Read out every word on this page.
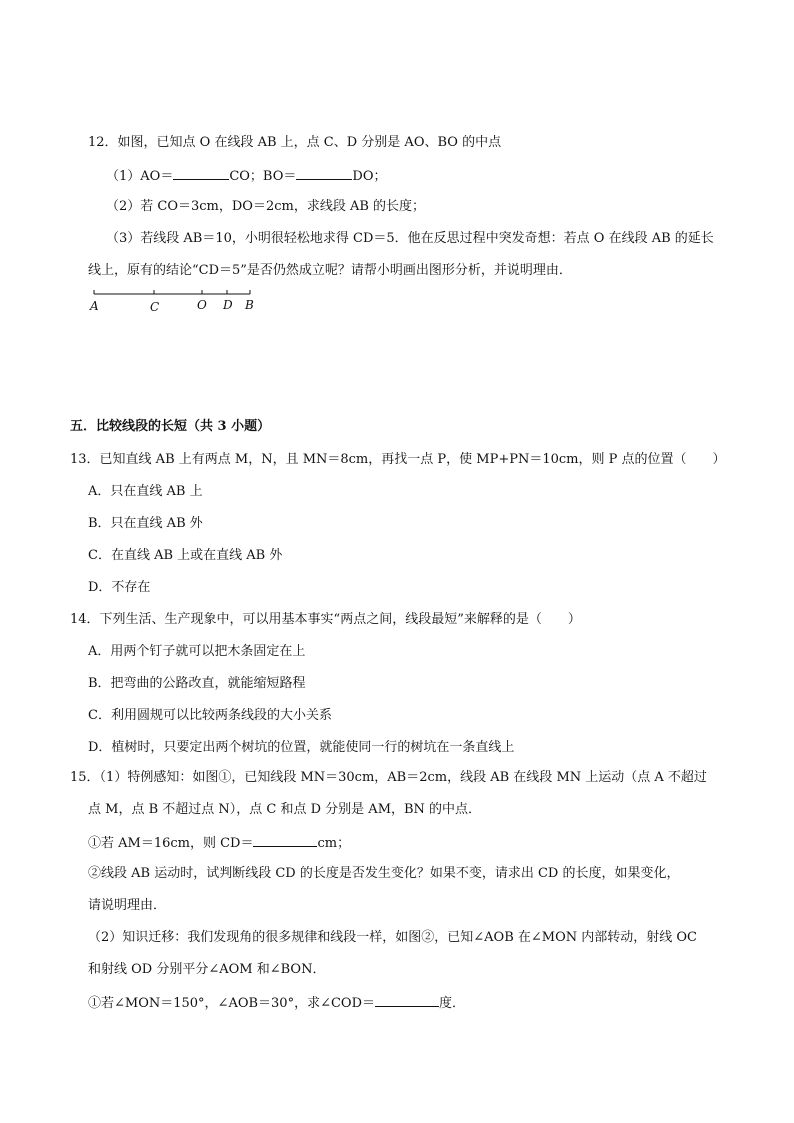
12．如图，已知点 O 在线段 AB 上，点 C、D 分别是 AO、BO 的中点
（1）AO＝	CO；BO＝	DO；
（2）若 CO＝3cm，DO＝2cm，求线段 AB 的长度；
（3）若线段 AB＝10，小明很轻松地求得 CD＝5．他在反思过程中突发奇想：若点 O 在线段 AB 的延长
线上，原有的结论“CD＝5”是否仍然成立呢？请帮小明画出图形分析，并说明理由．
A	C	O D B
五．比较线段的长短（共 3 小题）
13．已知直线 AB 上有两点 M，N，且 MN＝8cm，再找一点 P，使 MP+PN＝10cm，则 P 点的位置（　　）
A．只在直线 AB 上
B．只在直线 AB 外
C．在直线 AB 上或在直线 AB 外
D．不存在
14．下列生活、生产现象中，可以用基本事实“两点之间，线段最短”来解释的是（　　）
A．用两个钉子就可以把木条固定在上
B．把弯曲的公路改直，就能缩短路程
C．利用圆规可以比较两条线段的大小关系
D．植树时，只要定出两个树坑的位置，就能使同一行的树坑在一条直线上
15．（1）特例感知：如图①，已知线段 MN＝30cm，AB＝2cm，线段 AB 在线段 MN 上运动（点 A 不超过
点 M，点 B 不超过点 N），点 C 和点 D 分别是 AM，BN 的中点．
①若 AM＝16cm，则 CD＝	cm；
②线段 AB 运动时，试判断线段 CD 的长度是否发生变化？如果不变，请求出 CD 的长度，如果变化，
请说明理由．
（2）知识迁移：我们发现角的很多规律和线段一样，如图②，已知∠AOB 在∠MON 内部转动，射线 OC
和射线 OD 分别平分∠AOM 和∠BON．
①若∠MON＝150°，∠AOB＝30°，求∠COD＝	度．
